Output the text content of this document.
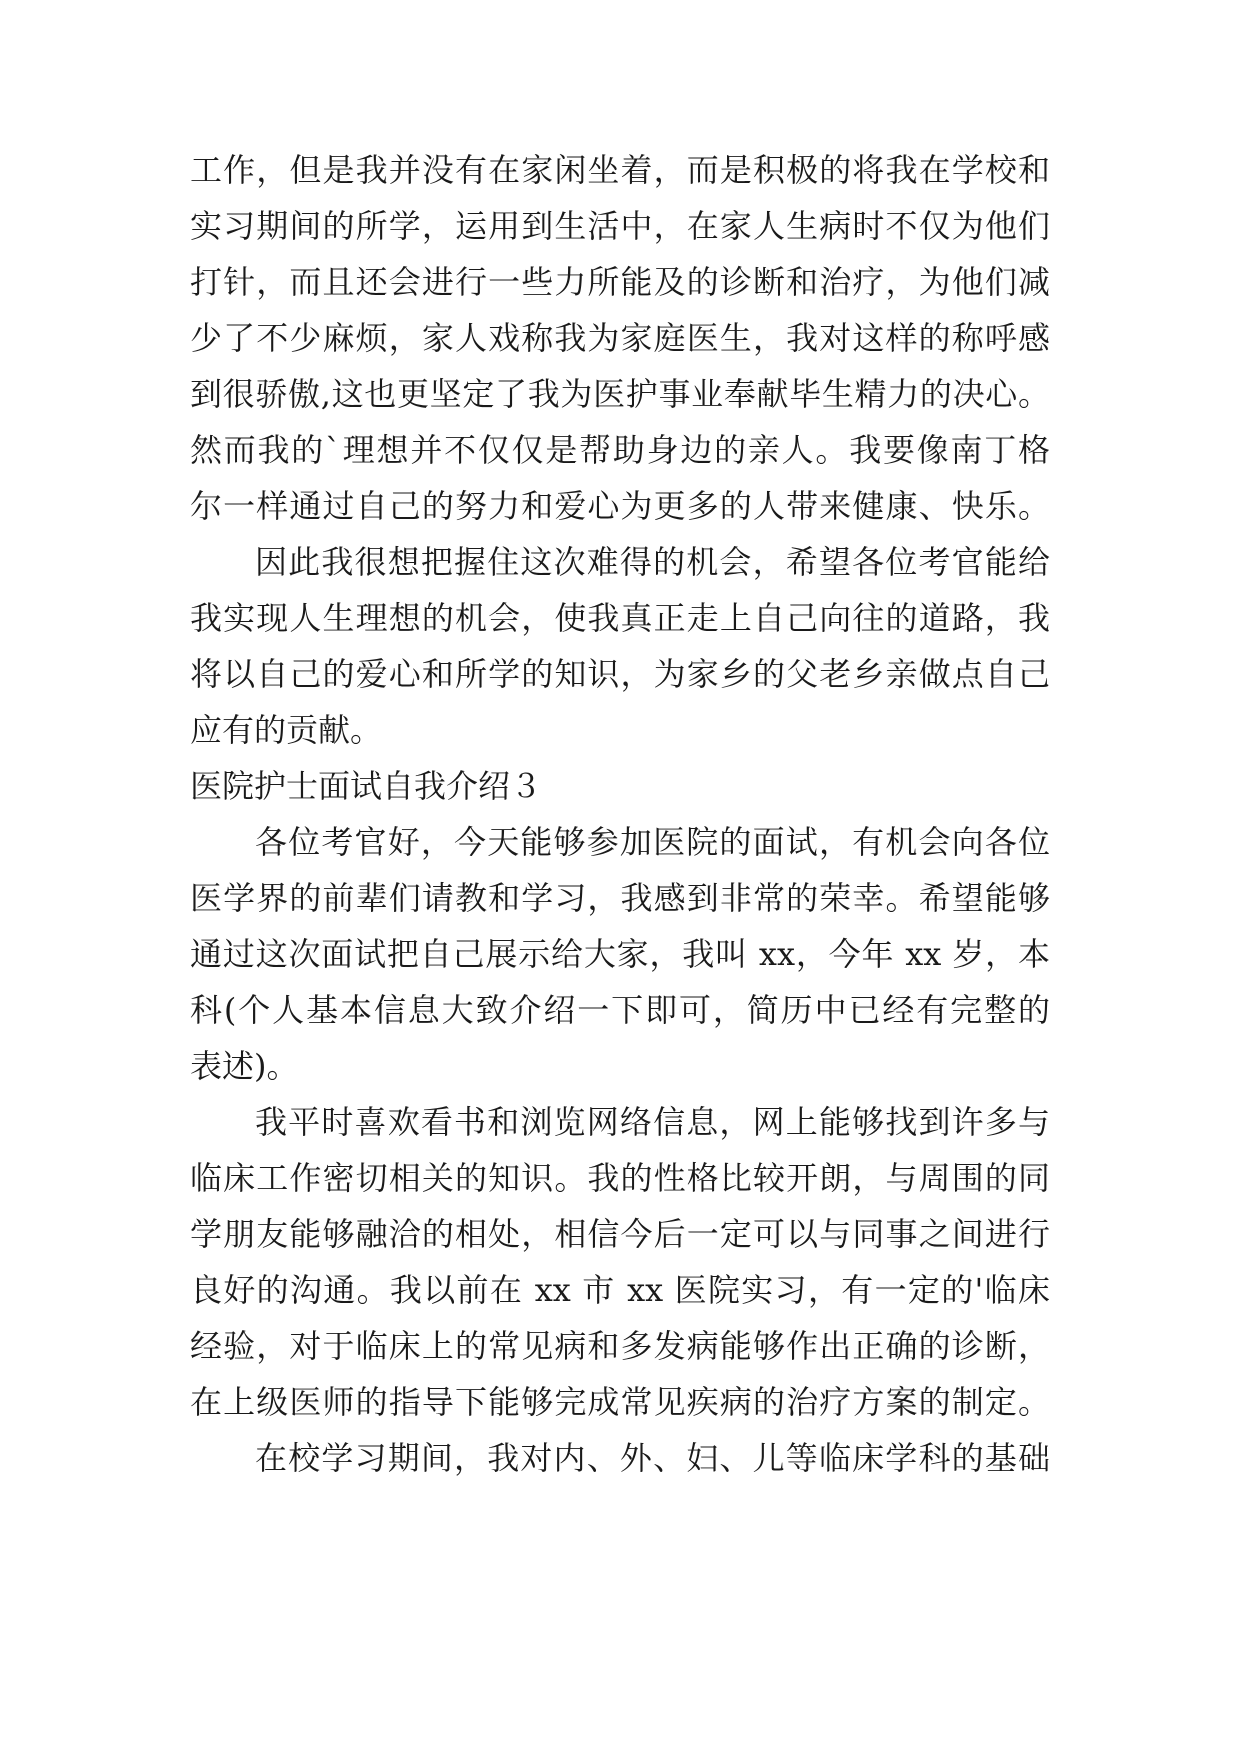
工作，但是我并没有在家闲坐着，而是积极的将我在学校和
实习期间的所学，运用到生活中，在家人生病时不仅为他们
打针，而且还会进行一些力所能及的诊断和治疗，为他们减
少了不少麻烦，家人戏称我为家庭医生，我对这样的称呼感
到很骄傲,这也更坚定了我为医护事业奉献毕生精力的决心。
然而我的`理想并不仅仅是帮助身边的亲人。我要像南丁格
尔一样通过自己的努力和爱心为更多的人带来健康、快乐。
因此我很想把握住这次难得的机会，希望各位考官能给
我实现人生理想的机会，使我真正走上自己向往的道路，我
将以自己的爱心和所学的知识，为家乡的父老乡亲做点自己
应有的贡献。
医院护士面试自我介绍３
各位考官好，今天能够参加医院的面试，有机会向各位
医学界的前辈们请教和学习，我感到非常的荣幸。希望能够
通过这次面试把自己展示给大家，我叫 xx，今年 xx 岁，本
科(个人基本信息大致介绍一下即可，简历中已经有完整的
表述)。
我平时喜欢看书和浏览网络信息，网上能够找到许多与
临床工作密切相关的知识。我的性格比较开朗，与周围的同
学朋友能够融洽的相处，相信今后一定可以与同事之间进行
良好的沟通。我以前在 xx 市 xx 医院实习，有一定的'临床
经验，对于临床上的常见病和多发病能够作出正确的诊断，
在上级医师的指导下能够完成常见疾病的治疗方案的制定。
在校学习期间，我对内、外、妇、儿等临床学科的基础
